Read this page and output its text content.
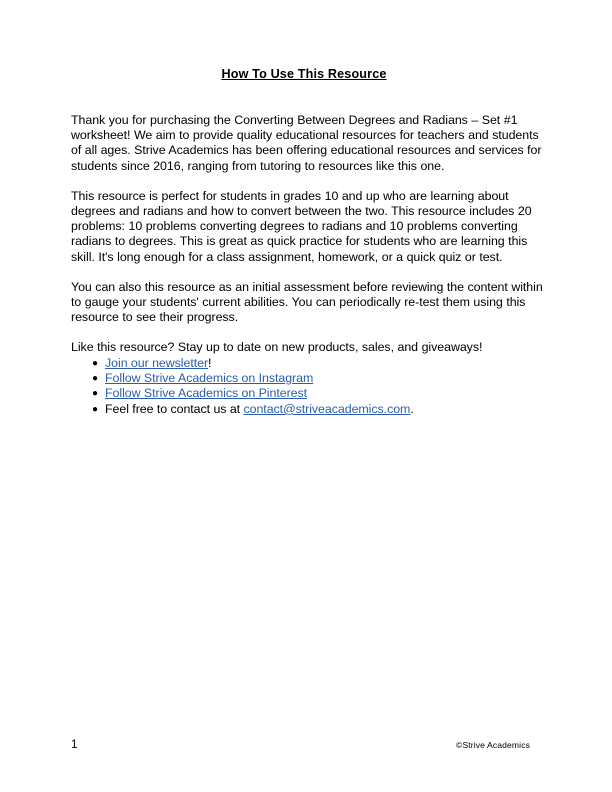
How To Use This Resource

Thank you for purchasing the Converting Between Degrees and Radians – Set #1 worksheet! We aim to provide quality educational resources for teachers and students of all ages. Strive Academics has been offering educational resources and services for students since 2016, ranging from tutoring to resources like this one.

This resource is perfect for students in grades 10 and up who are learning about degrees and radians and how to convert between the two. This resource includes 20 problems: 10 problems converting degrees to radians and 10 problems converting radians to degrees. This is great as quick practice for students who are learning this skill. It's long enough for a class assignment, homework, or a quick quiz or test.

You can also this resource as an initial assessment before reviewing the content within to gauge your students' current abilities. You can periodically re-test them using this resource to see their progress.

Like this resource? Stay up to date on new products, sales, and giveaways!

● Join our newsletter!
● Follow Strive Academics on Instagram
● Follow Strive Academics on Pinterest
● Feel free to contact us at contact@striveacademics.com.
1	©Strive Academics
